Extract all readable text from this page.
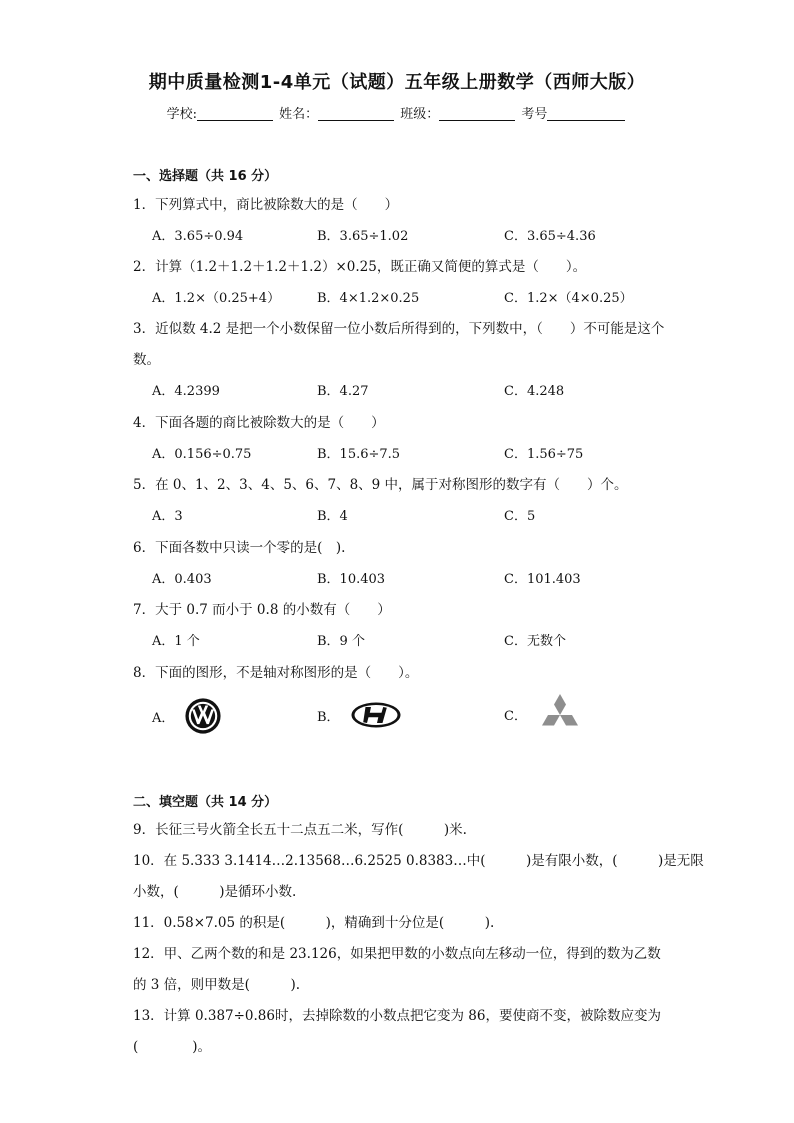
期中质量检测1-4单元（试题）五年级上册数学（西师大版）
学校:	姓名：	班级：	考号
一、选择题（共 16 分）
1．下列算式中，商比被除数大的是（　　）
A．3.65÷0.94	B．3.65÷1.02	C．3.65÷4.36
2．计算（1.2＋1.2＋1.2＋1.2）×0.25，既正确又简便的算式是（　　）。
A．1.2×（0.25+4）	B．4×1.2×0.25	C．1.2×（4×0.25）
3．近似数 4.2 是把一个小数保留一位小数后所得到的，下列数中，（　　）不可能是这个
数。
A．4.2399	B．4.27	C．4.248
4．下面各题的商比被除数大的是（　　）
A．0.156÷0.75	B．15.6÷7.5	C．1.56÷75
5．在 0、1、2、3、4、5、6、7、8、9 中，属于对称图形的数字有（　　）个。
A．3	B．4	C．5
6．下面各数中只读一个零的是(　).
A．0.403	B．10.403	C．101.403
7．大于 0.7 而小于 0.8 的小数有（　　）
A．1 个	B．9 个	C．无数个
8．下面的图形，不是轴对称图形的是（　　）。
A．	B．	C．
二、填空题（共 14 分）
9．长征三号火箭全长五十二点五二米，写作(　　　)米.
10．在 5.333 3.1414…2.13568…6.2525 0.8383…中(　　　)是有限小数，(　　　)是无限
小数，(　　　)是循环小数.
11．0.58×7.05 的积是(　　　)，精确到十分位是(　　　).
12．甲、乙两个数的和是 23.126，如果把甲数的小数点向左移动一位，得到的数为乙数
的 3 倍，则甲数是(　　　).
13．计算 0.387÷0.86时，去掉除数的小数点把它变为 86，要使商不变，被除数应变为
(　　　　)。
